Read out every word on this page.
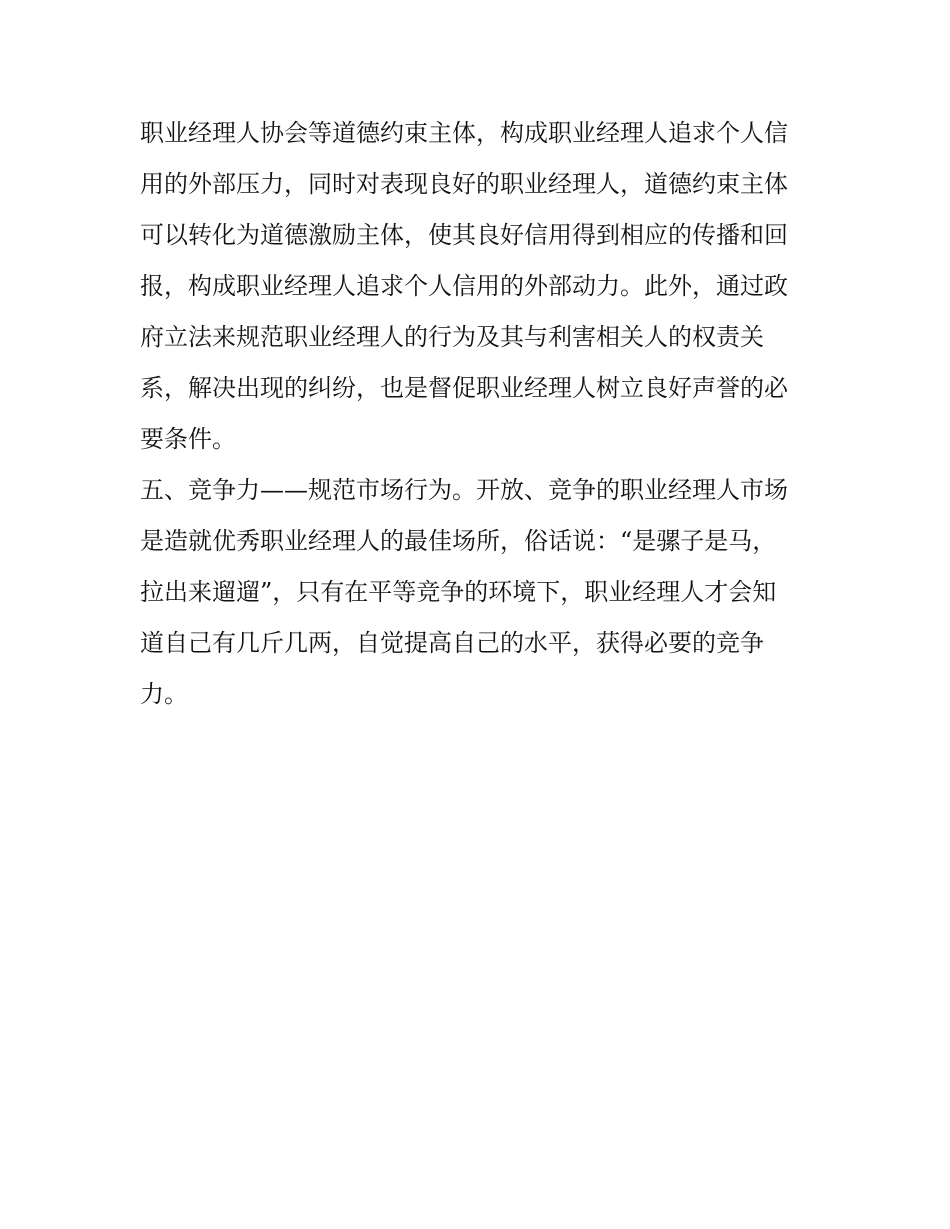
职业经理人协会等道德约束主体，构成职业经理人追求个人信
用的外部压力，同时对表现良好的职业经理人，道德约束主体
可以转化为道德激励主体，使其良好信用得到相应的传播和回
报，构成职业经理人追求个人信用的外部动力。此外，通过政
府立法来规范职业经理人的行为及其与利害相关人的权责关
系，解决出现的纠纷，也是督促职业经理人树立良好声誉的必
要条件。
五、竞争力——规范市场行为。开放、竞争的职业经理人市场
是造就优秀职业经理人的最佳场所，俗话说：“是骡子是马，
拉出来遛遛”，只有在平等竞争的环境下，职业经理人才会知
道自己有几斤几两，自觉提高自己的水平，获得必要的竞争
力。
